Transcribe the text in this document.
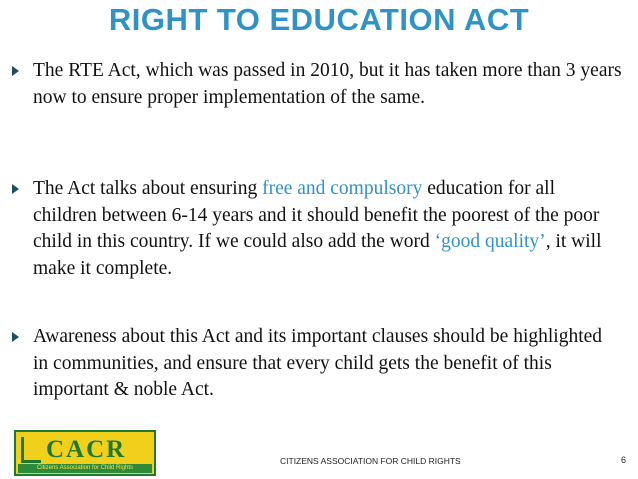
RIGHT TO EDUCATION ACT
The RTE Act, which was passed in 2010, but it has taken more than 3 years now to ensure proper implementation of the same.
The Act talks about ensuring free and compulsory education for all children between 6-14 years and it should benefit the poorest of the poor child in this country. If we could also add the word ‘good quality’, it will make it complete.
Awareness about this Act and its important clauses should be highlighted in communities, and ensure that every child gets the benefit of this important & noble Act.
CACR
Citizens Association for Child Rights
CITIZENS ASSOCIATION FOR CHILD RIGHTS	6
